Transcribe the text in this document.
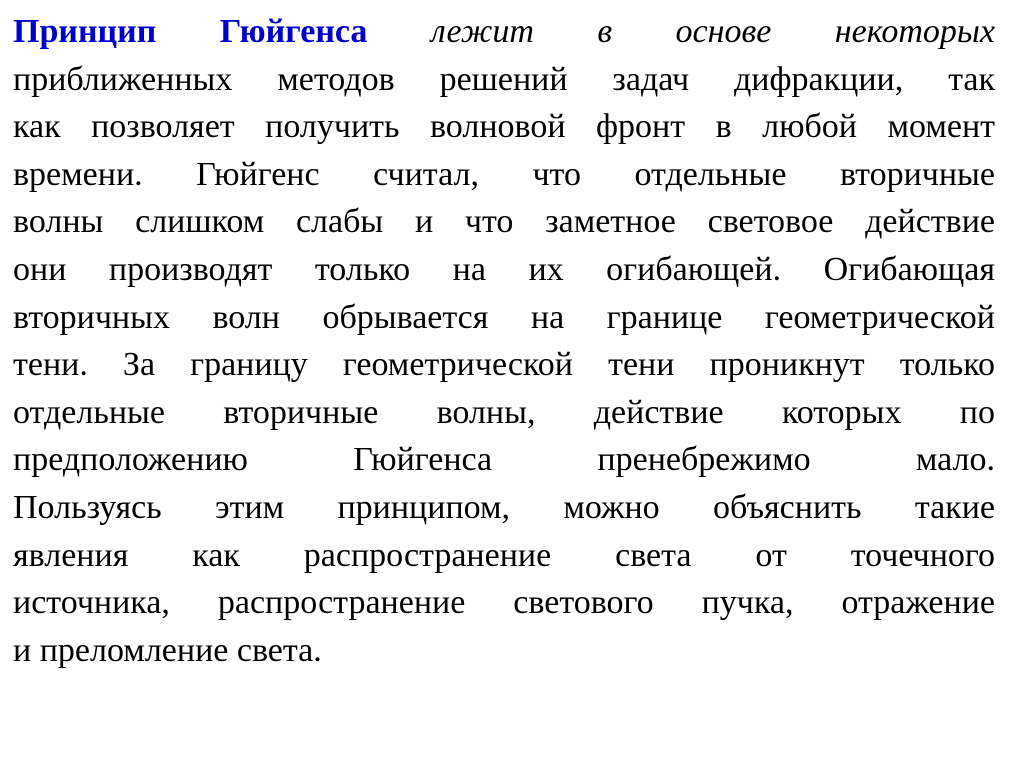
Принцип Гюйгенса лежит в основе некоторых
приближенных методов решений задач дифракции, так
как позволяет получить волновой фронт в любой момент
времени. Гюйгенс считал, что отдельные вторичные
волны слишком слабы и что заметное световое действие
они производят только на их огибающей. Огибающая
вторичных волн обрывается на границе геометрической
тени. За границу геометрической тени проникнут только
отдельные вторичные волны, действие которых по
предположению Гюйгенса пренебрежимо мало.
Пользуясь этим принципом, можно объяснить такие
явления как распространение света от точечного
источника, распространение светового пучка, отражение
и преломление света.
